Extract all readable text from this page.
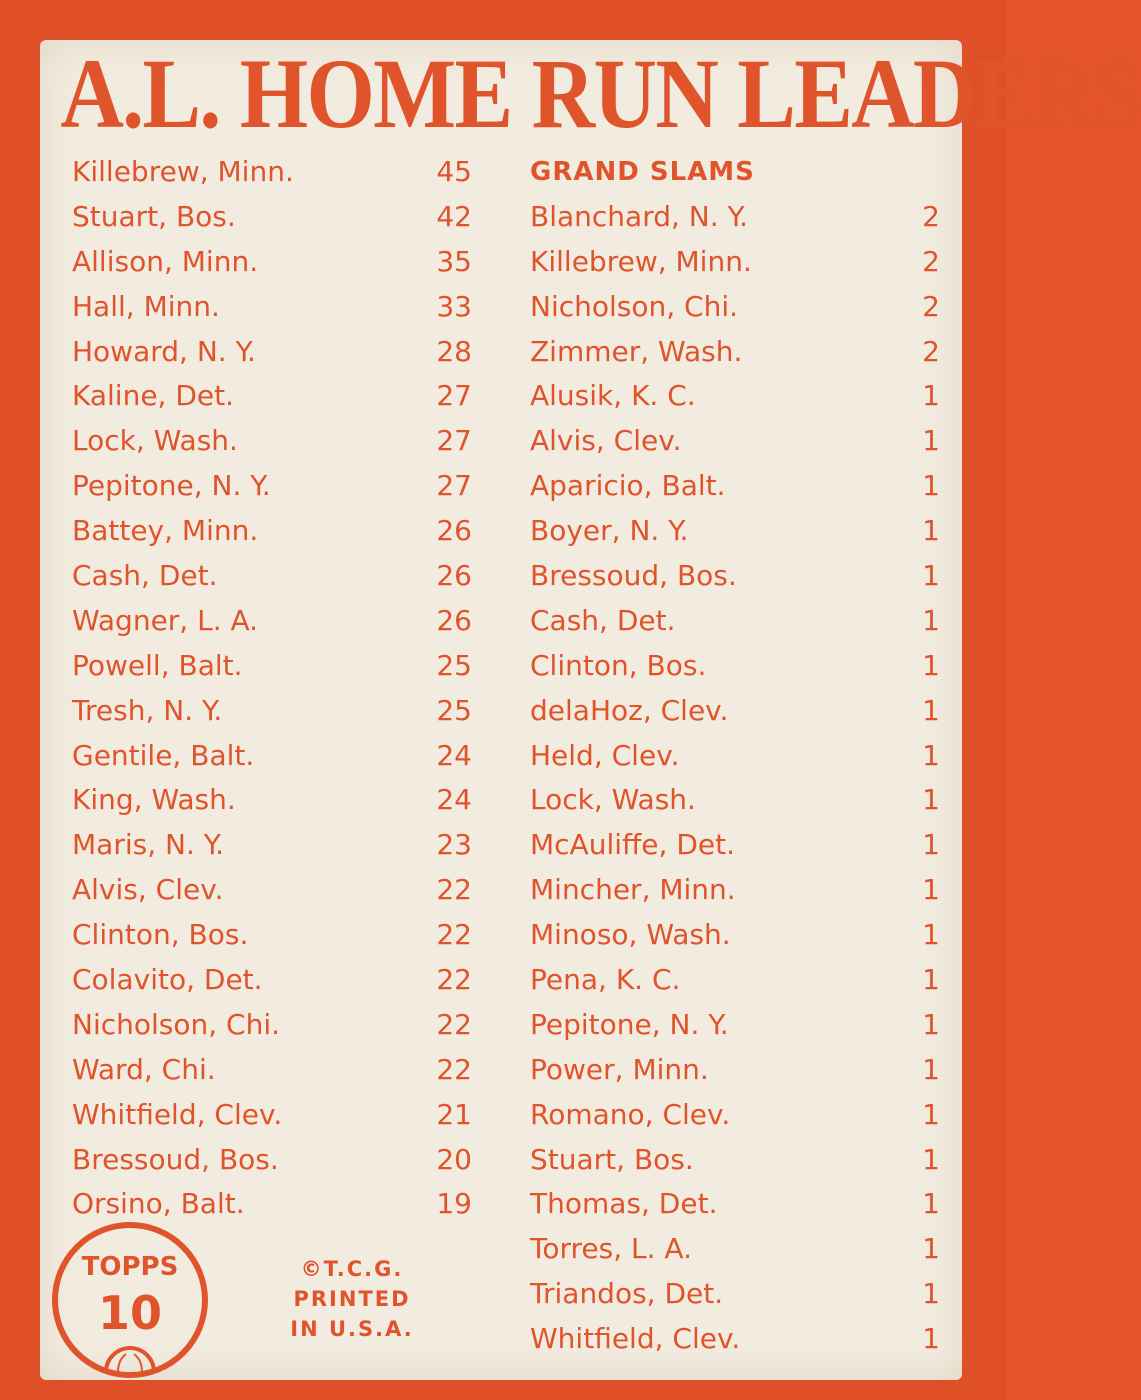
A.L. HOME RUN LEADERS
Killebrew, Minn.	45
Stuart, Bos.	42
Allison, Minn.	35
Hall, Minn.	33
Howard, N. Y.	28
Kaline, Det.	27
Lock, Wash.	27
Pepitone, N. Y.	27
Battey, Minn.	26
Cash, Det.	26
Wagner, L. A.	26
Powell, Balt.	25
Tresh, N. Y.	25
Gentile, Balt.	24
King, Wash.	24
Maris, N. Y.	23
Alvis, Clev.	22
Clinton, Bos.	22
Colavito, Det.	22
Nicholson, Chi.	22
Ward, Chi.	22
Whitfield, Clev.	21
Bressoud, Bos.	20
Orsino, Balt.	19
GRAND SLAMS
Blanchard, N. Y.	2
Killebrew, Minn.	2
Nicholson, Chi.	2
Zimmer, Wash.	2
Alusik, K. C.	1
Alvis, Clev.	1
Aparicio, Balt.	1
Boyer, N. Y.	1
Bressoud, Bos.	1
Cash, Det.	1
Clinton, Bos.	1
delaHoz, Clev.	1
Held, Clev.	1
Lock, Wash.	1
McAuliffe, Det.	1
Mincher, Minn.	1
Minoso, Wash.	1
Pena, K. C.	1
Pepitone, N. Y.	1
Power, Minn.	1
Romano, Clev.	1
Stuart, Bos.	1
Thomas, Det.	1
Torres, L. A.	1
Triandos, Det.	1
Whitfield, Clev.	1
TOPPS
10
©T.C.G.
PRINTED
IN U.S.A.
